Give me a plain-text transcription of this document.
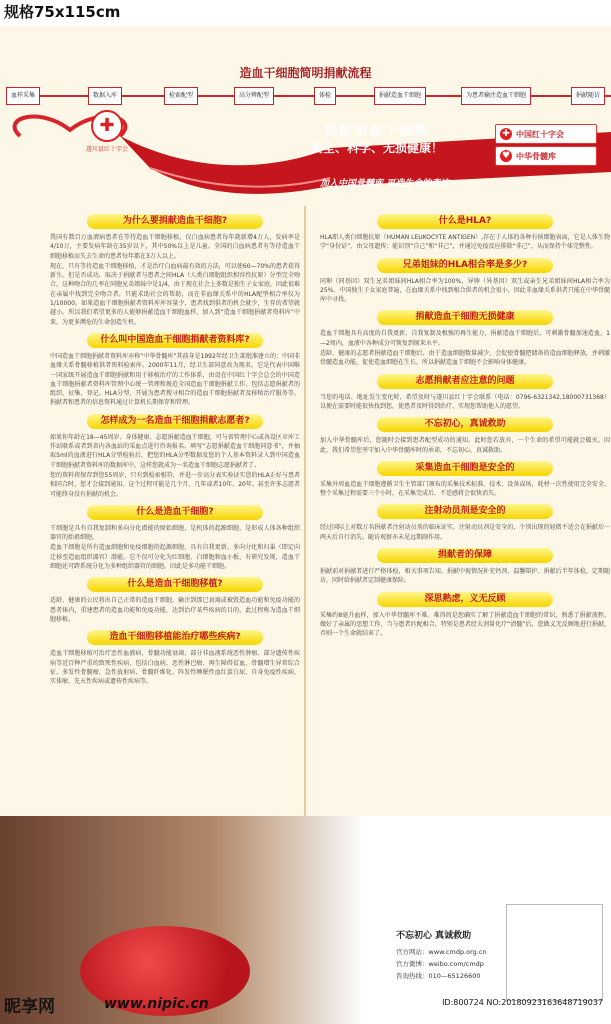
规格75x115cm
造血干细胞简明捐献流程
血样采集	数据入库	检索配型	高分辨配型	体检	捐献造血干细胞	为患者输注造血干细胞	捐献随访
✚
遂川县红十字会
捐献造血干细胞
安全、科学、无损健康！
加入中国骨髓库 再造生命的奇迹
✚ 中国红十字会
♥ 中华骨髓库
为什么要捐献造血干细胞?

我国有数百万血液病患者在等待造血干细胞移植，仅白血病患者每年就新增4万人，发病率是4/10万，主要发病年龄在35岁以下，其中50%以上是儿童。全国的白血病患者有等待造血干细胞移植而失去生命的患者每年都在3万人以上。

现在，只有等待造血干细胞移植，才是治疗白血病最有效的方法，可以使60—70%的患者获得新生。但是否成功，取决于捐献者与患者之间HLA（人类白细胞组织相容性抗原）分型完全吻合，这种吻合的几率在同胞兄弟姐妹中是1/4，由于现在社会上多数是独生子女家庭，因此很难在亲属中找到完全吻合者，只能求助社会的帮助，而在非血缘关系中的HLA配型相合率仅为1/10000。如果造血干细胞捐献者资料库库容量少，患者找到供者的机会就少，生存的希望就越小。所以我们希望更多的人能够捐献造血干细胞血样，加入到“造血干细胞捐献者资料库”中来，为更多濒危的生命创造生机。

什么叫中国造血干细胞捐献者资料库?

中国造血干细胞捐献者资料库亦称“中华骨髓库”其前身是1992年经卫生部批准建立的：中国非血缘关系骨髓移植供者资料检索库。2000年11月，经卫生部同意改为现名。它是代表中国唯一国家级开展造血干细胞捐献和用于移植治疗的工作体系，由设在中国红十字会总会的中国造血干细胞捐献者资料库管理中心统一管理和规范全国造血干细胞捐献工作，包括志愿捐献者的组织、征集、登记、HLA分型、开展为患者搜寻相合的造血干细胞捐献者及移植治疗服务等。捐献者和患者的信息资料通过计算机长期保存和管理。

怎样成为一名造血干细胞捐献志愿者?

如果你年龄在18—45周岁、身体健康、志愿捐献造血干细胞，可与省管理中心或各设区市库工作站联系或者到省内各血站的采血点进行咨询报名。填写“志愿捐献造血干细胞同意书”，并抽取5ml的血液进行HLA分型检验后，把您的HLA分型数据及您的个人基本资料录入到中国造血干细胞捐献者资料库的数据库中，这样您就成为一名造血干细胞志愿捐献者了。

您的资料将保存到您55周岁，只有到检索相符，并进一步高分表实验证实您的HLA正好与患者相同合时，您才会接到通知。这个过程可能是几个月、几年或者10年、20年、甚至许多志愿者可能终身没有捐献的机会。

什么是造血干细胞?

干细胞是具有自我复制和多向分化潜能的原始细胞，是机体的起源细胞，是形成人体各种组织器官的始祖细胞。

造血干细胞是所有造血细胞和免疫细胞的起源细胞，具有自我更新、多向分化和归巢（即定向迁移至造血组织器官）潜能。它不仅可分化为红细胞、白细胞和血小板，有研究发现，造血干细胞还可跨系统分化为多种组织器官的细胞，因此是多功能干细胞。

什么是造血干细胞移植?

适龄、健康的公民将出自己正常的造血干细胞，输注到那已衰竭或被毁造血功能和免疫功能的患者体内，重建患者的造血功能和免疫功能，达到治疗某些疾病的目的，此过程称为造血干细胞移植。

造血干细胞移植能治疗哪些疾病?

造血干细胞移植可治疗恶性血液病、骨髓功能衰竭、部分非血液系统恶性肿瘤、部分遗传性疾病等近百种严重的致死性疾病，包括白血病、恶性淋巴瘤、再生障碍贫血、骨髓增生异常综合征、多发性骨髓瘤、急性放射病、骨髓纤维化、阵发性睡眠性血红蛋白尿、自身免疫性疾病、实体瘤、先天性疾病或遗传性疾病等。

什么是HLA?

HLA即人类白细胞抗原（HUMAN LEUKOCYTE ANTIGEN）,存在于人体的各种有核细胞表面，它是人体生物学“身份证”，由父母遗传；能识别“自己”和“非己”，并通过免疫反应排除“非己”，从而保持个体完整性。

兄弟姐妹的HLA相合率是多少?

同卵（同基因）双生兄弟姐妹间HLA相合率为100%，异卵（异基因）双生或亲生兄弟姐妹间HLA相合率为25%。中国独生子女家庭普遍，在血缘关系中找到相合供者的机会很小，因此非血缘关系供者只能在中华骨髓库中寻找。

捐献造血干细胞无损健康

造血干细胞具有高度的自我更新、自我复制及极强的再生能力，捐献造血干细胞后，可刺激骨髓加速造血，1—2周内，血液中各种成分可恢复到原来水平。

适龄、健康的志愿者捐献造血干细胞后，由于造血细胞数量减少，会促使骨髓把储备的造血细胞释放，并刺激骨髓造血功能，促使造血细胞在生长，所以捐献造血干细胞不会影响身体健康。

志愿捐献者应注意的问题

当您的电话、地址发生变化时，希望及时与遂川县红十字会联系（电话：0796-6321342,18000731368）以便在需要时能很快找到您，使患者及时得到治疗，实现您帮助他人的愿望。

不忘初心，真诚救助

加入中华骨髓库后，您随时会接到患者配型成功的通知。此时您若放弃，一个生命的希望可能就会破灭。因此，我们希望您坚守加入中华骨髓库时的承诺，不忘初心，真诚救助。

采集造血干细胞是安全的

采集外周血造血干细胞遵循卫生主管部门颁布的采集技术标准、技术、设备或场，耗材一次性使用完全安全。整个采集过程需要三个小时，在采集完成后，不适感将会很快消失。

注射动员剂是安全的

经过国际上对数万名捐献者注射动员剂的临床证实，注射动员剂是安全的，个别出现的轻微不适会在捐献后一两天后自行消失。随访观察亦未见远期副作用。

捐献者的保障

捐献前对捐献者进行严格体检，相关事项告知。捐献中视情况补充钙剂、温馨陪护。捐献后半年体检，定期随访，同时给捐献者定制健康保险。

深思熟虑，义无反顾

采集约8毫升血样，加入中华骨髓库不难。难得的是您确实了解了捐献造血干细胞的常识，熟悉了捐献流程，做好了亲属的思想工作，当与患者匹配相合，特别是患者经大剂量化疗“清髓”后，您做义无反顾地进行捐献，否则一个生命就结束了。

不忘初心 真诚救助
官方网站：www.cmdp.org.cn
官方微博：weibo.com/cmdp
咨询热线：010—65126600
昵享网	www.nipic.cn	ID:800724 NO:20180923163648719037
